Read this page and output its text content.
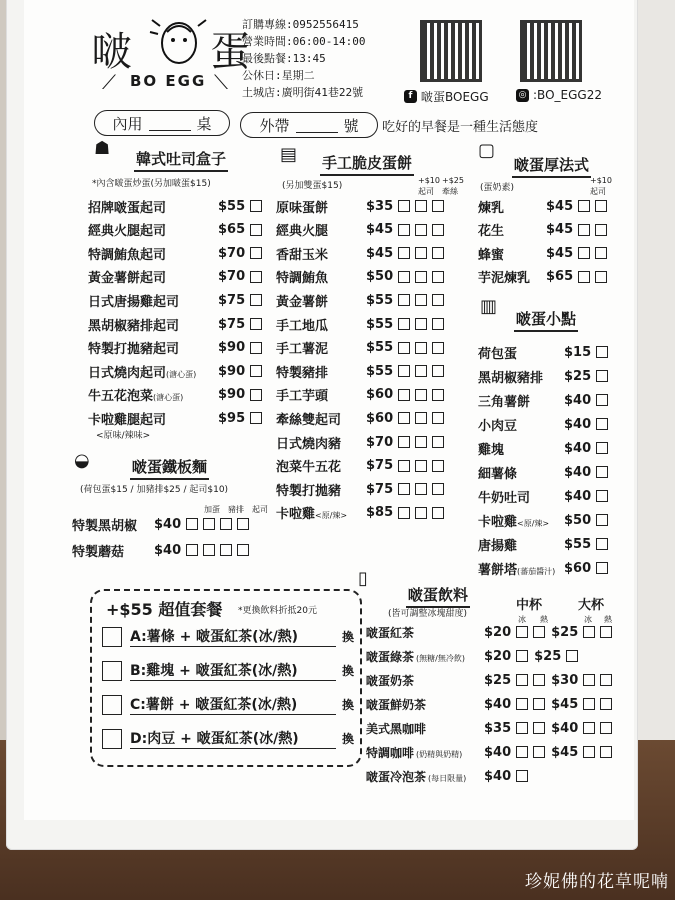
啵 蛋
⟋ BO EGG ⟍
訂購專線:0952556415
營業時間:06:00-14:00
最後點餐:13:45
公休日:星期二
土城店:廣明街41巷22號	f 啵蛋BOEGG	◎ :BO_EGG22
內用	桌	外帶	號 吃好的早餐是一種生活態度
☗ 韓式吐司盒子
*內含啵蛋炒蛋(另加啵蛋$15)
招牌啵蛋起司	$55
經典火腿起司	$65
特調鮪魚起司	$70
黃金薯餅起司	$70
日式唐揚雞起司	$75
黑胡椒豬排起司	$75
特製打拋豬起司	$90
日式燒肉起司(溏心蛋)	$90
牛五花泡菜(溏心蛋)	$90
卡啦雞腿起司	$95
<原味/辣味>
▤ 手工脆皮蛋餅
(另加雙蛋$15)
+$10 +$25
起司 牽絲
原味蛋餅	$35
經典火腿	$45
香甜玉米	$45
特調鮪魚	$50
黃金薯餅	$55
手工地瓜	$55
手工薯泥	$55
特製豬排	$55
手工芋頭	$60
牽絲雙起司	$60
日式燒肉豬	$70
泡菜牛五花	$75
特製打拋豬	$75
卡啦雞<原/辣>	$85
▢
啵蛋厚法式
(蛋奶素)
+$10
起司
煉乳	$45
花生	$45
蜂蜜	$45
芋泥煉乳	$65
▥
啵蛋小點
荷包蛋	$15
黑胡椒豬排	$25
三角薯餅	$40
小肉豆	$40
雞塊	$40
細薯條	$40
牛奶吐司	$40
卡啦雞<原/辣>	$50
唐揚雞	$55
薯餅塔(蕃茄醬汁) $60
◒	啵蛋鐵板麵
(荷包蛋$15 / 加豬排$25 / 起司$10)
加蛋 豬排 起司
特製黑胡椒	$40
特製蘑菇	$40
+$55 超值套餐 *更換飲料折抵20元
A:薯條 + 啵蛋紅茶(冰/熱)	換
B:雞塊 + 啵蛋紅茶(冰/熱)	換
C:薯餅 + 啵蛋紅茶(冰/熱)	換
D:肉豆 + 啵蛋紅茶(冰/熱)	換
▯
啵蛋飲料
(皆可調整冰塊甜度)
中杯	大杯
冰 熱	冰 熱
啵蛋紅茶	$20	$25
啵蛋綠茶 (無糖/無冷飲)	$20 $25
啵蛋奶茶	$25	$30
啵蛋鮮奶茶	$40	$45
美式黑咖啡	$35	$40
特調咖啡 (奶精與奶精)	$40	$45
啵蛋冷泡茶 (每日限量)	$40
珍妮佛的花草呢喃
